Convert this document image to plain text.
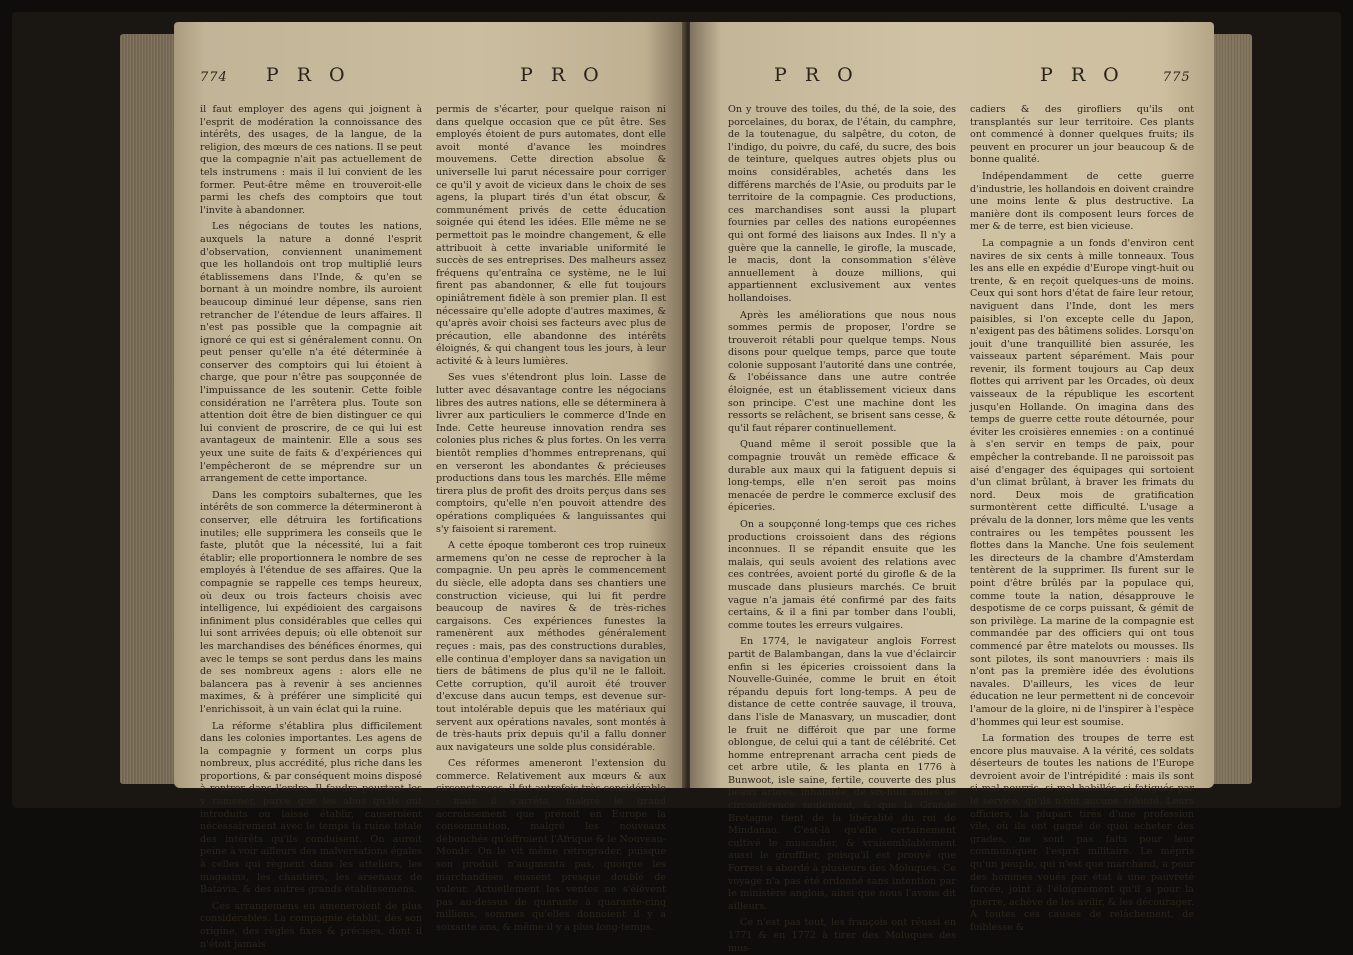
774 P R O	P R O

il faut employer des agens qui joignent à l'esprit de modération la connoissance des intérêts, des usages, de la langue, de la religion, des mœurs de ces nations. Il se peut que la compagnie n'ait pas actuellement de tels instrumens : mais il lui convient de les former. Peut-être même en trouveroit-elle parmi les chefs des comptoirs que tout l'invite à abandonner.

Les négocians de toutes les nations, auxquels la nature a donné l'esprit d'observation, conviennent unanimement que les hollandois ont trop multiplié leurs établissemens dans l'Inde, & qu'en se bornant à un moindre nombre, ils auroient beaucoup diminué leur dépense, sans rien retrancher de l'étendue de leurs affaires. Il n'est pas possible que la compagnie ait ignoré ce qui est si généralement connu. On peut penser qu'elle n'a été déterminée à conserver des comptoirs qui lui étoient à charge, que pour n'être pas soupçonnée de l'impuissance de les soutenir. Cette foible considération ne l'arrêtera plus. Toute son attention doit être de bien distinguer ce qui lui convient de proscrire, de ce qui lui est avantageux de maintenir. Elle a sous ses yeux une suite de faits & d'expériences qui l'empêcheront de se méprendre sur un arrangement de cette importance.

Dans les comptoirs subalternes, que les intérêts de son commerce la détermineront à conserver, elle détruira les fortifications inutiles; elle supprimera les conseils que le faste, plutôt que la nécessité, lui a fait établir; elle proportionnera le nombre de ses employés à l'étendue de ses affaires. Que la compagnie se rappelle ces temps heureux, où deux ou trois facteurs choisis avec intelligence, lui expédioient des cargaisons infiniment plus considérables que celles qui lui sont arrivées depuis; où elle obtenoit sur les marchandises des bénéfices énormes, qui avec le temps se sont perdus dans les mains de ses nombreux agens : alors elle ne balancera pas à revenir à ses anciennes maximes, & à préférer une simplicité qui l'enrichissoit, à un vain éclat qui la ruine.

La réforme s'établira plus difficilement dans les colonies importantes. Les agens de la compagnie y forment un corps plus nombreux, plus accrédité, plus riche dans les proportions, & par conséquent moins disposé à rentrer dans l'ordre. Il faudra pourtant les y ramener, parce que les abus qu'ils ont introduits ou laissé établir, causeroient nécessairement avec le temps la ruine totale des intérêts qu'ils conduisent. On auroit peine à voir ailleurs des malversations égales à celles qui règnent dans les atteliers, les magasins, les chantiers, les arsenaux de Batavia, & des autres grands établissemens.

Ces arrangemens en ameneroient de plus considérables. La compagnie établit, dès son origine, des règles fixes & précises, dont il n'étoit jamais

permis de s'écarter, pour quelque raison ni dans quelque occasion que ce pût être. Ses employés étoient de purs automates, dont elle avoit monté d'avance les moindres mouvemens. Cette direction absolue & universelle lui parut nécessaire pour corriger ce qu'il y avoit de vicieux dans le choix de ses agens, la plupart tirés d'un état obscur, & communément privés de cette éducation soignée qui étend les idées. Elle même ne se permettoit pas le moindre changement, & elle attribuoit à cette invariable uniformité le succès de ses entreprises. Des malheurs assez fréquens qu'entraîna ce système, ne le lui firent pas abandonner, & elle fut toujours opiniâtrement fidèle à son premier plan. Il est nécessaire qu'elle adopte d'autres maximes, & qu'après avoir choisi ses facteurs avec plus de précaution, elle abandonne des intérêts éloignés, & qui changent tous les jours, à leur activité & à leurs lumières.

Ses vues s'étendront plus loin. Lasse de lutter avec désavantage contre les négocians libres des autres nations, elle se déterminera à livrer aux particuliers le commerce d'Inde en Inde. Cette heureuse innovation rendra ses colonies plus riches & plus fortes. On les verra bientôt remplies d'hommes entreprenans, qui en verseront les abondantes & précieuses productions dans tous les marchés. Elle même tirera plus de profit des droits perçus dans ses comptoirs, qu'elle n'en pouvoit attendre des opérations compliquées & languissantes qui s'y faisoient si rarement.

A cette époque tomberont ces trop ruineux armemens qu'on ne cesse de reprocher à la compagnie. Un peu après le commencement du siècle, elle adopta dans ses chantiers une construction vicieuse, qui lui fit perdre beaucoup de navires & de très-riches cargaisons. Ces expériences funestes la ramenèrent aux méthodes généralement reçues : mais, pas des constructions durables, elle continua d'employer dans sa navigation un tiers de bâtimens de plus qu'il ne le falloit. Cette corruption, qu'il auroit été trouver d'excuse dans aucun temps, est devenue sur-tout intolérable depuis que les matériaux qui servent aux opérations navales, sont montés à de très-hauts prix depuis qu'il a fallu donner aux navigateurs une solde plus considérable.

Ces réformes ameneront l'extension du commerce. Relativement aux mœurs & aux circonstances, il fut autrefois très-considérable : mais il s'arrêta, malgré le grand accroissement que prenoit en Europe la consommation, malgré les nouveaux débouchés qu'offroient l'Afrique & le Nouveau-Monde. On le vit même rétrograder, puisque son produit n'augmenta pas, quoique les marchandises eussent presque doublé de valeur. Actuellement les ventes ne s'élèvent pas au-dessus de quarante à quarante-cinq millions, sommes qu'elles donnoient il y a soixante ans, & même il y a plus long-temps.

P R O	P R O	775

On y trouve des toiles, du thé, de la soie, des porcelaines, du borax, de l'étain, du camphre, de la toutenague, du salpêtre, du coton, de l'indigo, du poivre, du café, du sucre, des bois de teinture, quelques autres objets plus ou moins considérables, achetés dans les différens marchés de l'Asie, ou produits par le territoire de la compagnie. Ces productions, ces marchandises sont aussi la plupart fournies par celles des nations européennes qui ont formé des liaisons aux Indes. Il n'y a guère que la cannelle, le girofle, la muscade, le macis, dont la consommation s'élève annuellement à douze millions, qui appartiennent exclusivement aux ventes hollandoises.

Après les améliorations que nous nous sommes permis de proposer, l'ordre se trouveroit rétabli pour quelque temps. Nous disons pour quelque temps, parce que toute colonie supposant l'autorité dans une contrée, & l'obéissance dans une autre contrée éloignée, est un établissement vicieux dans son principe. C'est une machine dont les ressorts se relâchent, se brisent sans cesse, & qu'il faut réparer continuellement.

Quand même il seroit possible que la compagnie trouvât un remède efficace & durable aux maux qui la fatiguent depuis si long-temps, elle n'en seroit pas moins menacée de perdre le commerce exclusif des épiceries.

On a soupçonné long-temps que ces riches productions croissoient dans des régions inconnues. Il se répandit ensuite que les malais, qui seuls avoient des relations avec ces contrées, avoient porté du girofle & de la muscade dans plusieurs marchés. Ce bruit vague n'a jamais été confirmé par des faits certains, & il a fini par tomber dans l'oubli, comme toutes les erreurs vulgaires.

En 1774, le navigateur anglois Forrest partit de Balambangan, dans la vue d'éclaircir enfin si les épiceries croissoient dans la Nouvelle-Guinée, comme le bruit en étoit répandu depuis fort long-temps. A peu de distance de cette contrée sauvage, il trouva, dans l'isle de Manasvary, un muscadier, dont le fruit ne différoit que par une forme oblongue, de celui qui a tant de célébrité. Cet homme entreprenant arracha cent pieds de cet arbre utile, & les planta en 1776 à Bunwoot, isle saine, fertile, couverte des plus beaux arbres, inhabitée, de six-huit milles de circonférence seulement, & que la Grande Bretagne tient de la libéralité du roi de Mindanao. C'est-là qu'elle certainement cultivé le muscadier, & vraisemblablement aussi le girofflier, puisqu'il est prouvé que Forrest a abordé à plusieurs des Moluques. Ce voyage n'a pas été ordonné sans intention par le ministère anglois, ainsi que nous l'avons dit ailleurs.

Ce n'est pas tout, les françois ont réussi en 1771 & en 1772 à tirer des Moluques des mus-

cadiers & des girofliers qu'ils ont transplantés sur leur territoire. Ces plants ont commencé à donner quelques fruits; ils peuvent en procurer un jour beaucoup & de bonne qualité.

Indépendamment de cette guerre d'industrie, les hollandois en doivent craindre une moins lente & plus destructive. La manière dont ils composent leurs forces de mer & de terre, est bien vicieuse.

La compagnie a un fonds d'environ cent navires de six cents à mille tonneaux. Tous les ans elle en expédie d'Europe vingt-huit ou trente, & en reçoit quelques-uns de moins. Ceux qui sont hors d'état de faire leur retour, naviguent dans l'Inde, dont les mers paisibles, si l'on excepte celle du Japon, n'exigent pas des bâtimens solides. Lorsqu'on jouit d'une tranquillité bien assurée, les vaisseaux partent séparément. Mais pour revenir, ils forment toujours au Cap deux flottes qui arrivent par les Orcades, où deux vaisseaux de la république les escortent jusqu'en Hollande. On imagina dans des temps de guerre cette route détournée, pour éviter les croisières ennemies : on a continué à s'en servir en temps de paix, pour empêcher la contrebande. Il ne paroissoit pas aisé d'engager des équipages qui sortoient d'un climat brûlant, à braver les frimats du nord. Deux mois de gratification surmontèrent cette difficulté. L'usage a prévalu de la donner, lors même que les vents contraires ou les tempêtes poussent les flottes dans la Manche. Une fois seulement les directeurs de la chambre d'Amsterdam tentèrent de la supprimer. Ils furent sur le point d'être brûlés par la populace qui, comme toute la nation, désapprouve le despotisme de ce corps puissant, & gémit de son privilège. La marine de la compagnie est commandée par des officiers qui ont tous commencé par être matelots ou mousses. Ils sont pilotes, ils sont manouvriers : mais ils n'ont pas la première idée des évolutions navales. D'ailleurs, les vices de leur éducation ne leur permettent ni de concevoir l'amour de la gloire, ni de l'inspirer à l'espèce d'hommes qui leur est soumise.

La formation des troupes de terre est encore plus mauvaise. A la vérité, ces soldats déserteurs de toutes les nations de l'Europe devroient avoir de l'intrépidité : mais ils sont si mal nourris, si mal habillés, si fatigués par le service, qu'ils n'ont aucune volonté. Leurs officiers, la plupart tirés d'une profession vile, où ils ont gagné de quoi acheter des grades, ne sont pas faits pour leur communiquer l'esprit militaire. Le mépris qu'un peuple, qui n'est que marchand, a pour des hommes voués par état à une pauvreté forcée, joint à l'éloignement qu'il a pour la guerre, achève de les avilir, & les décourager. A toutes ces causes de relâchement, de foiblesse &
